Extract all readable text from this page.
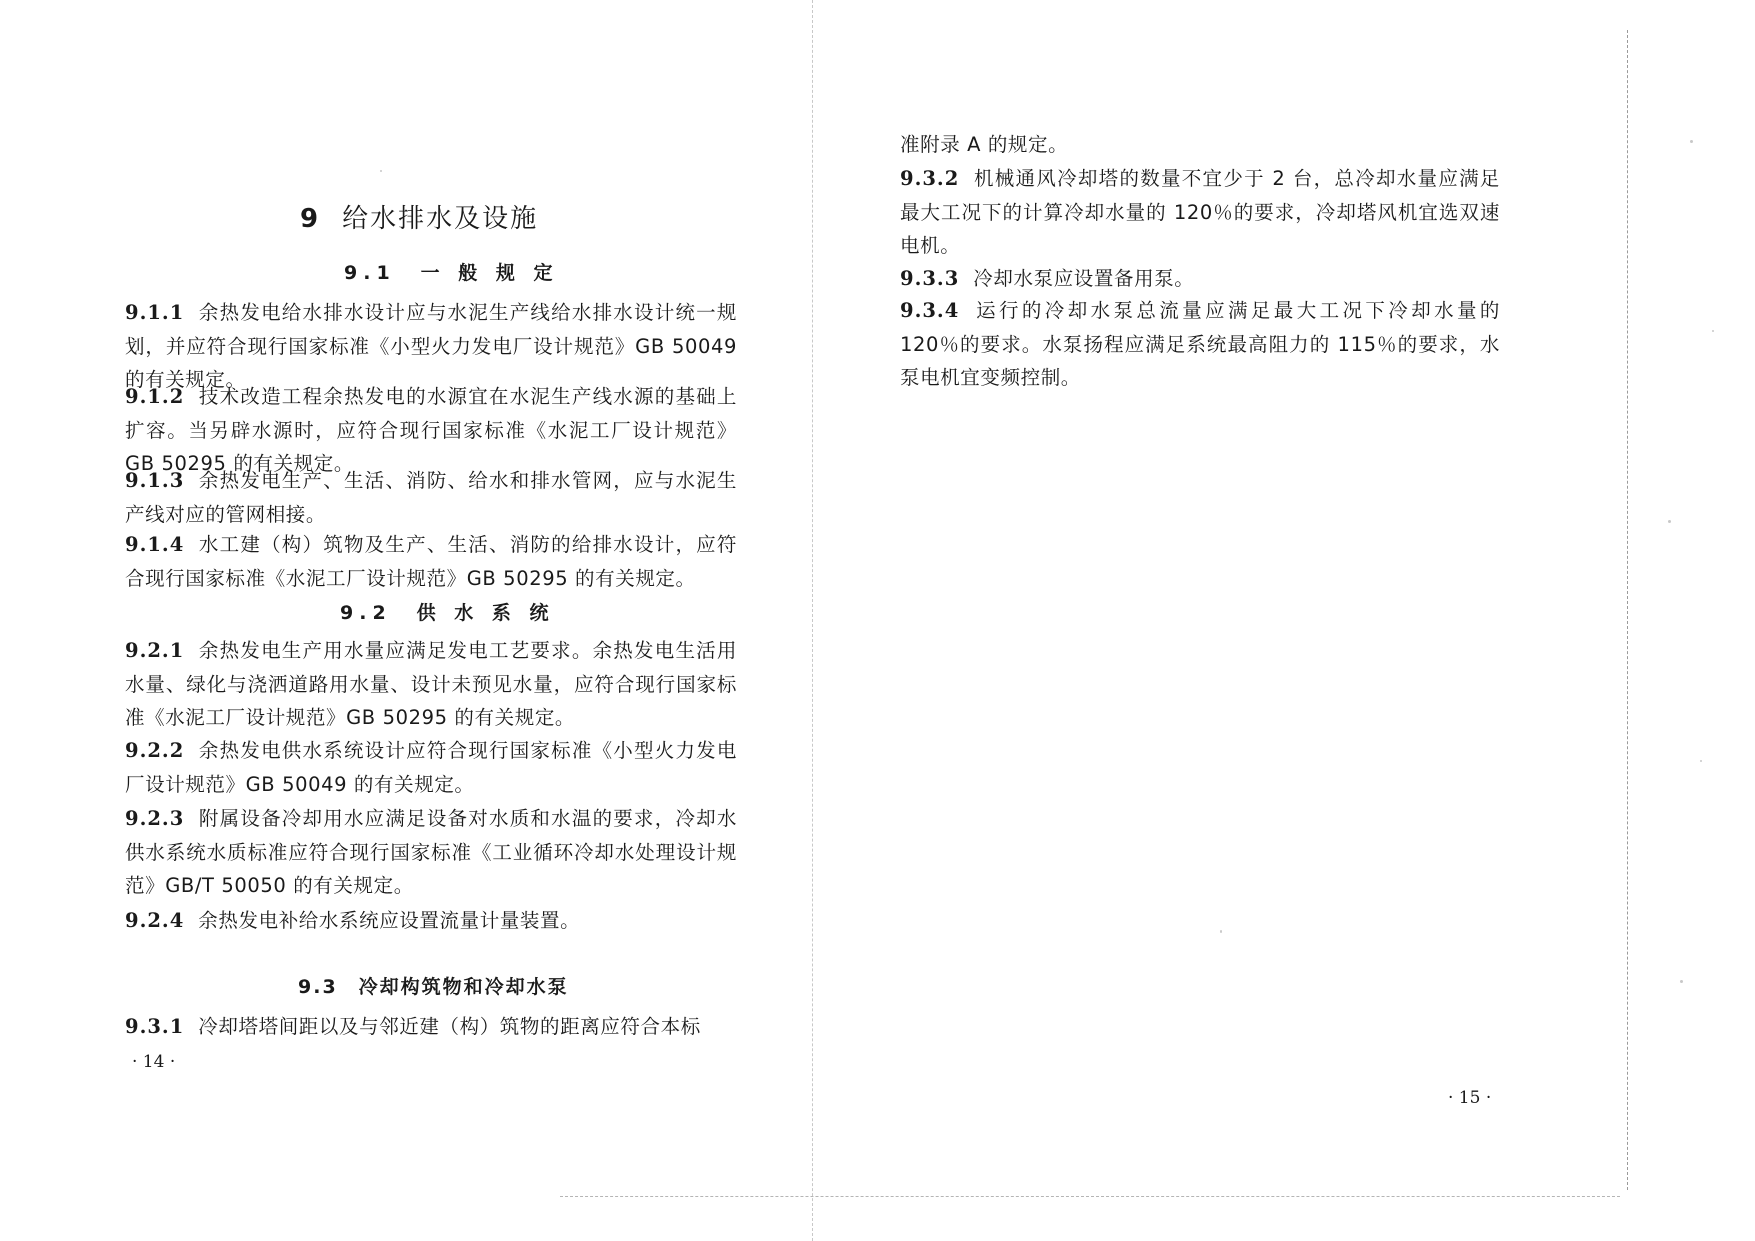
9 给水排水及设施
9.1　一 般 规 定
9.1.1 余热发电给水排水设计应与水泥生产线给水排水设计统一规划，并应符合现行国家标准《小型火力发电厂设计规范》GB 50049 的有关规定。
9.1.2 技术改造工程余热发电的水源宜在水泥生产线水源的基础上扩容。当另辟水源时，应符合现行国家标准《水泥工厂设计规范》GB 50295 的有关规定。
9.1.3 余热发电生产、生活、消防、给水和排水管网，应与水泥生产线对应的管网相接。
9.1.4 水工建（构）筑物及生产、生活、消防的给排水设计，应符合现行国家标准《水泥工厂设计规范》GB 50295 的有关规定。
9.2　供 水 系 统
9.2.1 余热发电生产用水量应满足发电工艺要求。余热发电生活用水量、绿化与浇洒道路用水量、设计未预见水量，应符合现行国家标准《水泥工厂设计规范》GB 50295 的有关规定。
9.2.2 余热发电供水系统设计应符合现行国家标准《小型火力发电厂设计规范》GB 50049 的有关规定。
9.2.3 附属设备冷却用水应满足设备对水质和水温的要求，冷却水供水系统水质标准应符合现行国家标准《工业循环冷却水处理设计规范》GB/T 50050 的有关规定。
9.2.4 余热发电补给水系统应设置流量计量装置。
9.3　冷却构筑物和冷却水泵
9.3.1 冷却塔塔间距以及与邻近建（构）筑物的距离应符合本标
· 14 ·
准附录 A 的规定。
9.3.2 机械通风冷却塔的数量不宜少于 2 台，总冷却水量应满足最大工况下的计算冷却水量的 120％的要求，冷却塔风机宜选双速电机。
9.3.3 冷却水泵应设置备用泵。
9.3.4 运行的冷却水泵总流量应满足最大工况下冷却水量的 120％的要求。水泵扬程应满足系统最高阻力的 115％的要求，水泵电机宜变频控制。
· 15 ·
